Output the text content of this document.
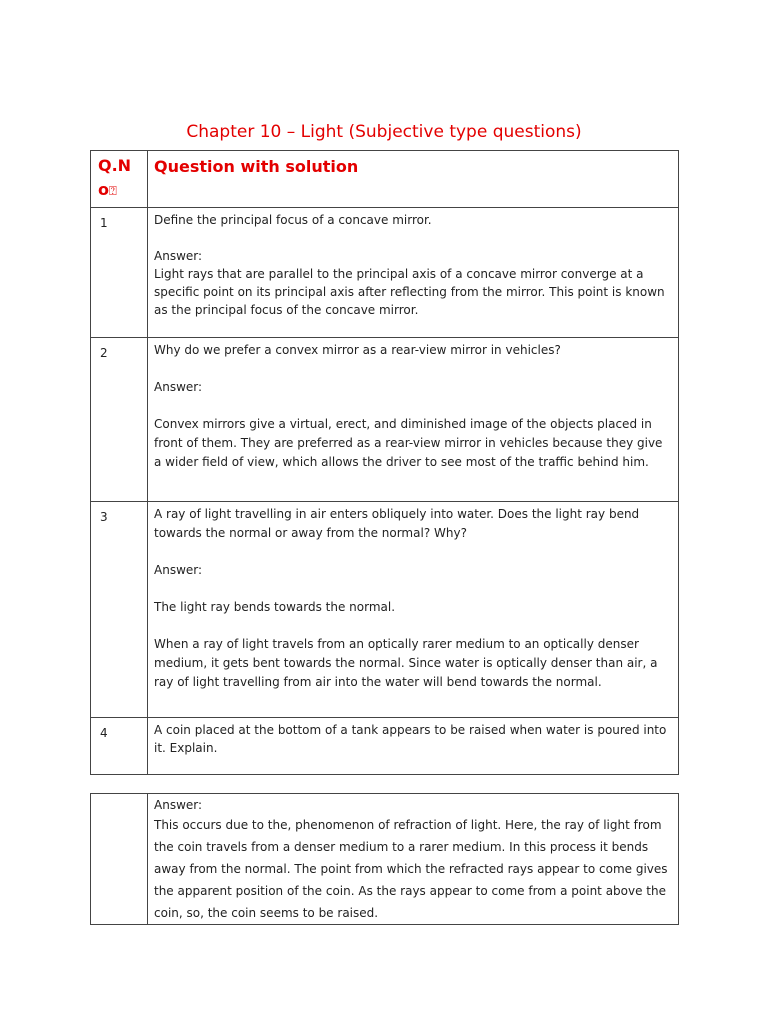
Chapter 10 – Light (Subjective type questions)
Q.No⍰	Question with solution

1	Define the principal focus of a concave mirror.

Answer:

Light rays that are parallel to the principal axis of a concave mirror converge at a specific point on its principal axis after reflecting from the mirror. This point is known as the principal focus of the concave mirror.

2	Why do we prefer a convex mirror as a rear-view mirror in vehicles?

Answer:

Convex mirrors give a virtual, erect, and diminished image of the objects placed in front of them. They are preferred as a rear-view mirror in vehicles because they give a wider field of view, which allows the driver to see most of the traffic behind him.

3	A ray of light travelling in air enters obliquely into water. Does the light ray bend towards the normal or away from the normal? Why?

Answer:

The light ray bends towards the normal.

When a ray of light travels from an optically rarer medium to an optically denser medium, it gets bent towards the normal. Since water is optically denser than air, a ray of light travelling from air into the water will bend towards the normal.

4	A coin placed at the bottom of a tank appears to be raised when water is poured into it. Explain.

Answer:
This occurs due to the, phenomenon of refraction of light. Here, the ray of light from the coin travels from a denser medium to a rarer medium. In this process it bends away from the normal. The point from which the refracted rays appear to come gives the apparent position of the coin. As the rays appear to come from a point above the coin, so, the coin seems to be raised.
